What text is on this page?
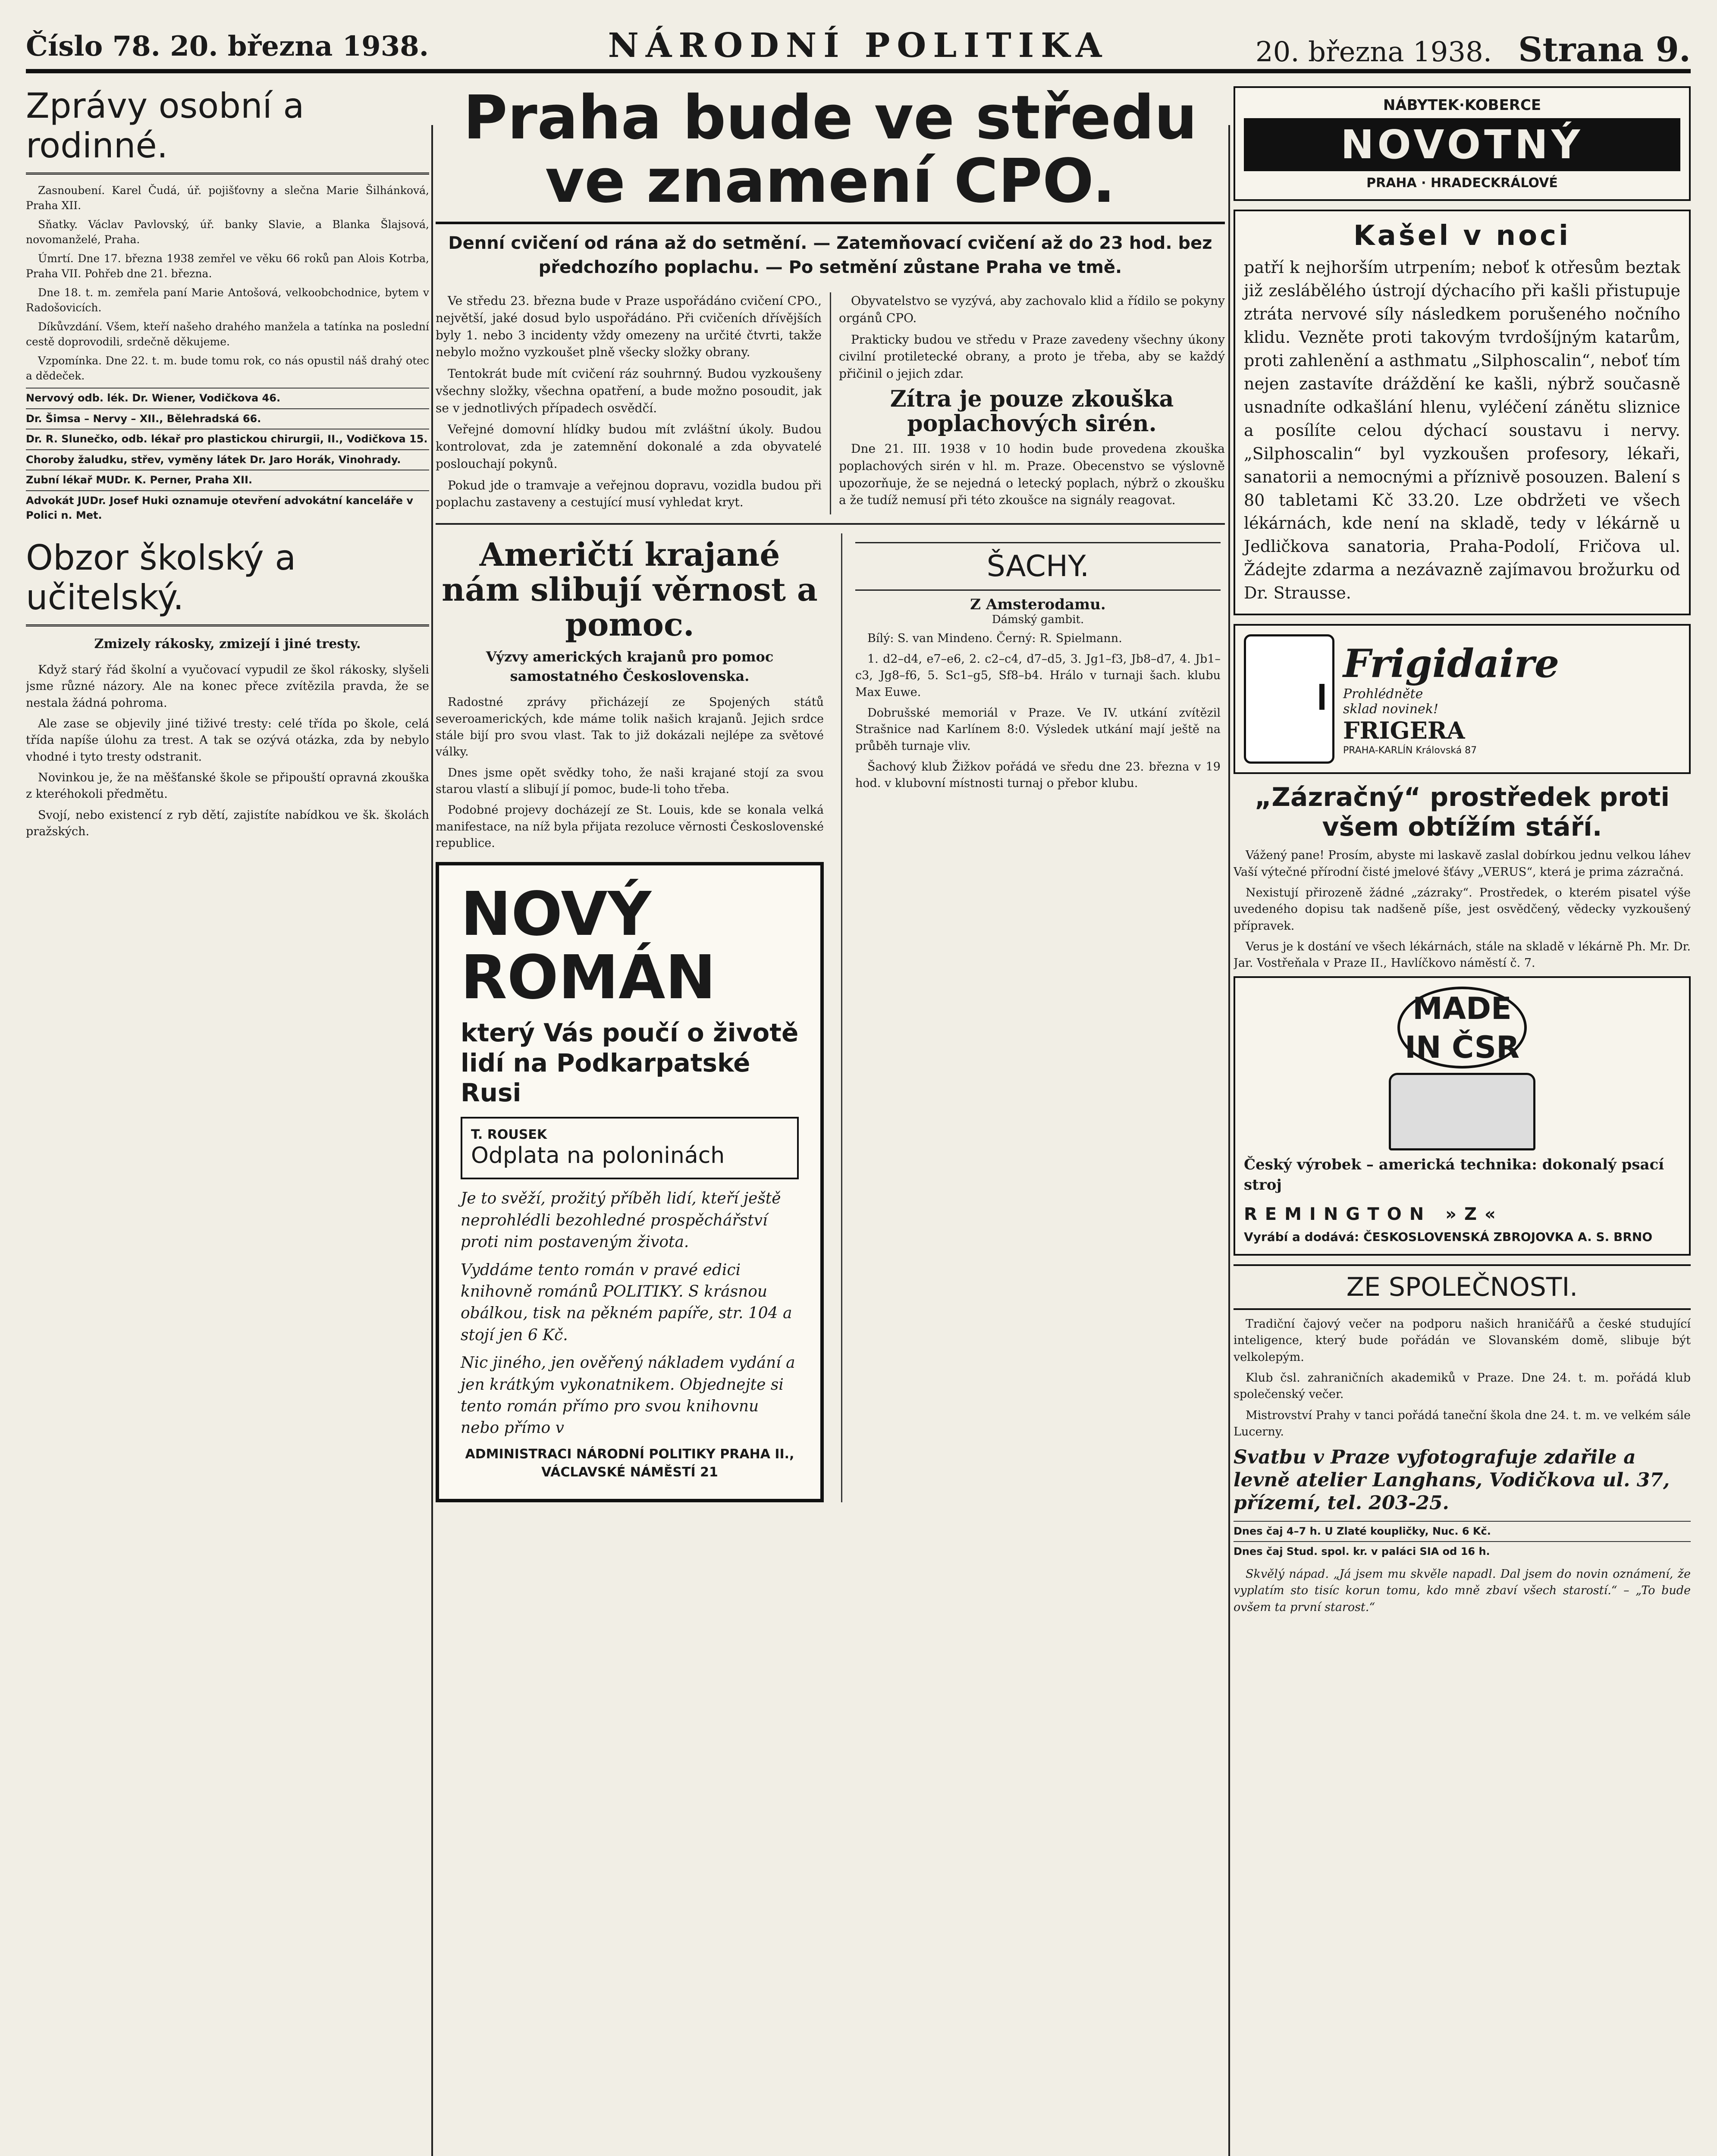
Číslo 78. 20. března 1938.	NÁRODNÍ POLITIKA	20. března 1938. Strana 9.
Zprávy osobní a rodinné.

Zasnoubení. Karel Čudá, úř. pojišťovny a slečna Marie Šilhánková, Praha XII.

Sňatky. Václav Pavlovský, úř. banky Slavie, a Blanka Šlajsová, novomanželé, Praha.

Úmrtí. Dne 17. března 1938 zemřel ve věku 66 roků pan Alois Kotrba, Praha VII. Pohřeb dne 21. března.

Dne 18. t. m. zemřela paní Marie Antošová, velkoobchodnice, bytem v Radošovicích.

Díkůvzdání. Všem, kteří našeho drahého manžela a tatínka na poslední cestě doprovodili, srdečně děkujeme.

Vzpomínka. Dne 22. t. m. bude tomu rok, co nás opustil náš drahý otec a dědeček.

Nervový odb. lék. Dr. Wiener, Vodičkova 46.
Dr. Šimsa – Nervy – XII., Bělehradská 66.
Dr. R. Slunečko, odb. lékař pro plastickou chirurgii, II., Vodičkova 15.
Choroby žaludku, střev, vyměny látek Dr. Jaro Horák, Vinohrady.
Zubní lékař MUDr. K. Perner, Praha XII.
Advokát JUDr. Josef Huki oznamuje otevření advokátní kanceláře v Polici n. Met.
Obzor školský a učitelský.
Zmizely rákosky, zmizejí i jiné tresty.

Když starý řád školní a vyučovací vypudil ze škol rákosky, slyšeli jsme různé názory. Ale na konec přece zvítězila pravda, že se nestala žádná pohroma.

Ale zase se objevily jiné tiživé tresty: celé třída po škole, celá třída napíše úlohu za trest. A tak se ozývá otázka, zda by nebylo vhodné i tyto tresty odstranit.

Novinkou je, že na měšťanské škole se připouští opravná zkouška z kteréhokoli předmětu.

Svojí, nebo existencí z ryb dětí, zajistíte nabídkou ve šk. školách pražských.

Praha bude ve středu ve znamení CPO.
Denní cvičení od rána až do setmění. — Zatemňovací cvičení až do 23 hod. bez předchozího poplachu. — Po setmění zůstane Praha ve tmě.

Ve středu 23. března bude v Praze uspořádáno cvičení CPO., největší, jaké dosud bylo uspořádáno. Při cvičeních dřívějších byly 1. nebo 3 incidenty vždy omezeny na určité čtvrti, takže nebylo možno vyzkoušet plně všecky složky obrany.

Tentokrát bude mít cvičení ráz souhrnný. Budou vyzkoušeny všechny složky, všechna opatření, a bude možno posoudit, jak se v jednotlivých případech osvědčí.

Veřejné domovní hlídky budou mít zvláštní úkoly. Budou kontrolovat, zda je zatemnění dokonalé a zda obyvatelé poslouchají pokynů.

Pokud jde o tramvaje a veřejnou dopravu, vozidla budou při poplachu zastaveny a cestující musí vyhledat kryt.

Obyvatelstvo se vyzývá, aby zachovalo klid a řídilo se pokyny orgánů CPO.

Prakticky budou ve středu v Praze zavedeny všechny úkony civilní protiletecké obrany, a proto je třeba, aby se každý přičinil o jejich zdar.

Zítra je pouze zkouška poplachových sirén.

Dne 21. III. 1938 v 10 hodin bude provedena zkouška poplachových sirén v hl. m. Praze. Obecenstvo se výslovně upozorňuje, že se nejedná o letecký poplach, nýbrž o zkoušku a že tudíž nemusí při této zkoušce na signály reagovat.

Američtí krajané nám slibují věrnost a pomoc.
Výzvy amerických krajanů pro pomoc samostatného Československa.

Radostné zprávy přicházejí ze Spojených států severoamerických, kde máme tolik našich krajanů. Jejich srdce stále bijí pro svou vlast. Tak to již dokázali nejlépe za světové války.

Dnes jsme opět svědky toho, že naši krajané stojí za svou starou vlastí a slibují jí pomoc, bude-li toho třeba.

Podobné projevy docházejí ze St. Louis, kde se konala velká manifestace, na níž byla přijata rezoluce věrnosti Československé republice.

NOVÝ ROMÁN
který Vás poučí o životě lidí na Podkarpatské Rusi
T. ROUSEK
Odplata na poloninách
Je to svěží, prožitý příběh lidí, kteří ještě neprohlédli bezohledné prospěchářství proti nim postaveným života.
Vyddáme tento román v pravé edici knihovně románů POLITIKY. S krásnou obálkou, tisk na pěkném papíře, str. 104 a stojí jen 6 Kč.
Nic jiného, jen ověřený nákladem vydání a jen krátkým vykonatnikem. Objednejte si tento román přímo pro svou knihovnu nebo přímo v
ADMINISTRACI NÁRODNÍ POLITIKY PRAHA II., VÁCLAVSKÉ NÁMĚSTÍ 21
ŠACHY.
Z Amsterodamu.
Dámský gambit.

Bílý: S. van Mindeno. Černý: R. Spielmann.

1. d2–d4, e7–e6, 2. c2–c4, d7–d5, 3. Jg1–f3, Jb8–d7, 4. Jb1–c3, Jg8–f6, 5. Sc1–g5, Sf8–b4. Hrálo v turnaji šach. klubu Max Euwe.

Dobrušské memoriál v Praze. Ve IV. utkání zvítězil Strašnice nad Karlínem 8:0. Výsledek utkání mají ještě na průběh turnaje vliv.

Šachový klub Žižkov pořádá ve sředu dne 23. března v 19 hod. v klubovní místnosti turnaj o přebor klubu.

NÁBYTEK·KOBERCE
NOVOTNÝ
PRAHA · HRADECKRÁLOVÉ
Kašel v noci
patří k nejhorším utrpením; neboť k otřesům beztak již zeslábělého ústrojí dýchacího při kašli přistupuje ztráta nervové síly následkem porušeného nočního klidu. Vezněte proti takovým tvrdošíjným katarům, proti zahlenění a asthmatu „Silphoscalin“, neboť tím nejen zastavíte dráždění ke kašli, nýbrž současně usnadníte odkašlání hlenu, vyléčení zánětu sliznice a posílíte celou dýchací soustavu i nervy. „Silphoscalin“ byl vyzkoušen profesory, lékaři, sanatorii a nemocnými a příznivě posouzen. Balení s 80 tabletami Kč 33.20. Lze obdržeti ve všech lékárnách, kde není na skladě, tedy v lékárně u Jedličkova sanatoria, Praha-Podolí, Fričova ul. Žádejte zdarma a nezávazně zajímavou brožurku od Dr. Strausse.
Frigidaire
Prohlédněte
sklad novinek!
FRIGERA
PRAHA-KARLÍN Královská 87
„Zázračný“ prostředek proti všem obtížím stáří.

Vážený pane! Prosím, abyste mi laskavě zaslal dobírkou jednu velkou láhev Vaší výtečné přírodní čisté jmelové šťávy „VERUS“, která je prima zázračná.

Nexistují přirozeně žádné „zázraky“. Prostředek, o kterém pisatel výše uvedeného dopisu tak nadšeně píše, jest osvědčený, vědecky vyzkoušený přípravek.

Verus je k dostání ve všech lékárnách, stále na skladě v lékárně Ph. Mr. Dr. Jar. Vostřeňala v Praze II., Havlíčkovo náměstí č. 7.

MADE IN ČSR
Český výrobek – americká technika: dokonalý psací stroj
REMINGTON »Z«
Vyrábí a dodává: ČESKOSLOVENSKÁ ZBROJOVKA A. S. BRNO
ZE SPOLEČNOSTI.

Tradiční čajový večer na podporu našich hraničářů a české studující inteligence, který bude pořádán ve Slovanském domě, slibuje být velkolepým.

Klub čsl. zahraničních akademiků v Praze. Dne 24. t. m. pořádá klub společenský večer.

Mistrovství Prahy v tanci pořádá taneční škola dne 24. t. m. ve velkém sále Lucerny.

Svatbu v Praze vyfotografuje zdařile a levně atelier Langhans, Vodičkova ul. 37, přízemí, tel. 203-25.
Dnes čaj 4–7 h. U Zlaté koupličky, Nuc. 6 Kč.
Dnes čaj Stud. spol. kr. v paláci SIA od 16 h.

Skvělý nápad. „Já jsem mu skvěle napadl. Dal jsem do novin oznámení, že vyplatím sto tisíc korun tomu, kdo mně zbaví všech starostí.“ – „To bude ovšem ta první starost.“
